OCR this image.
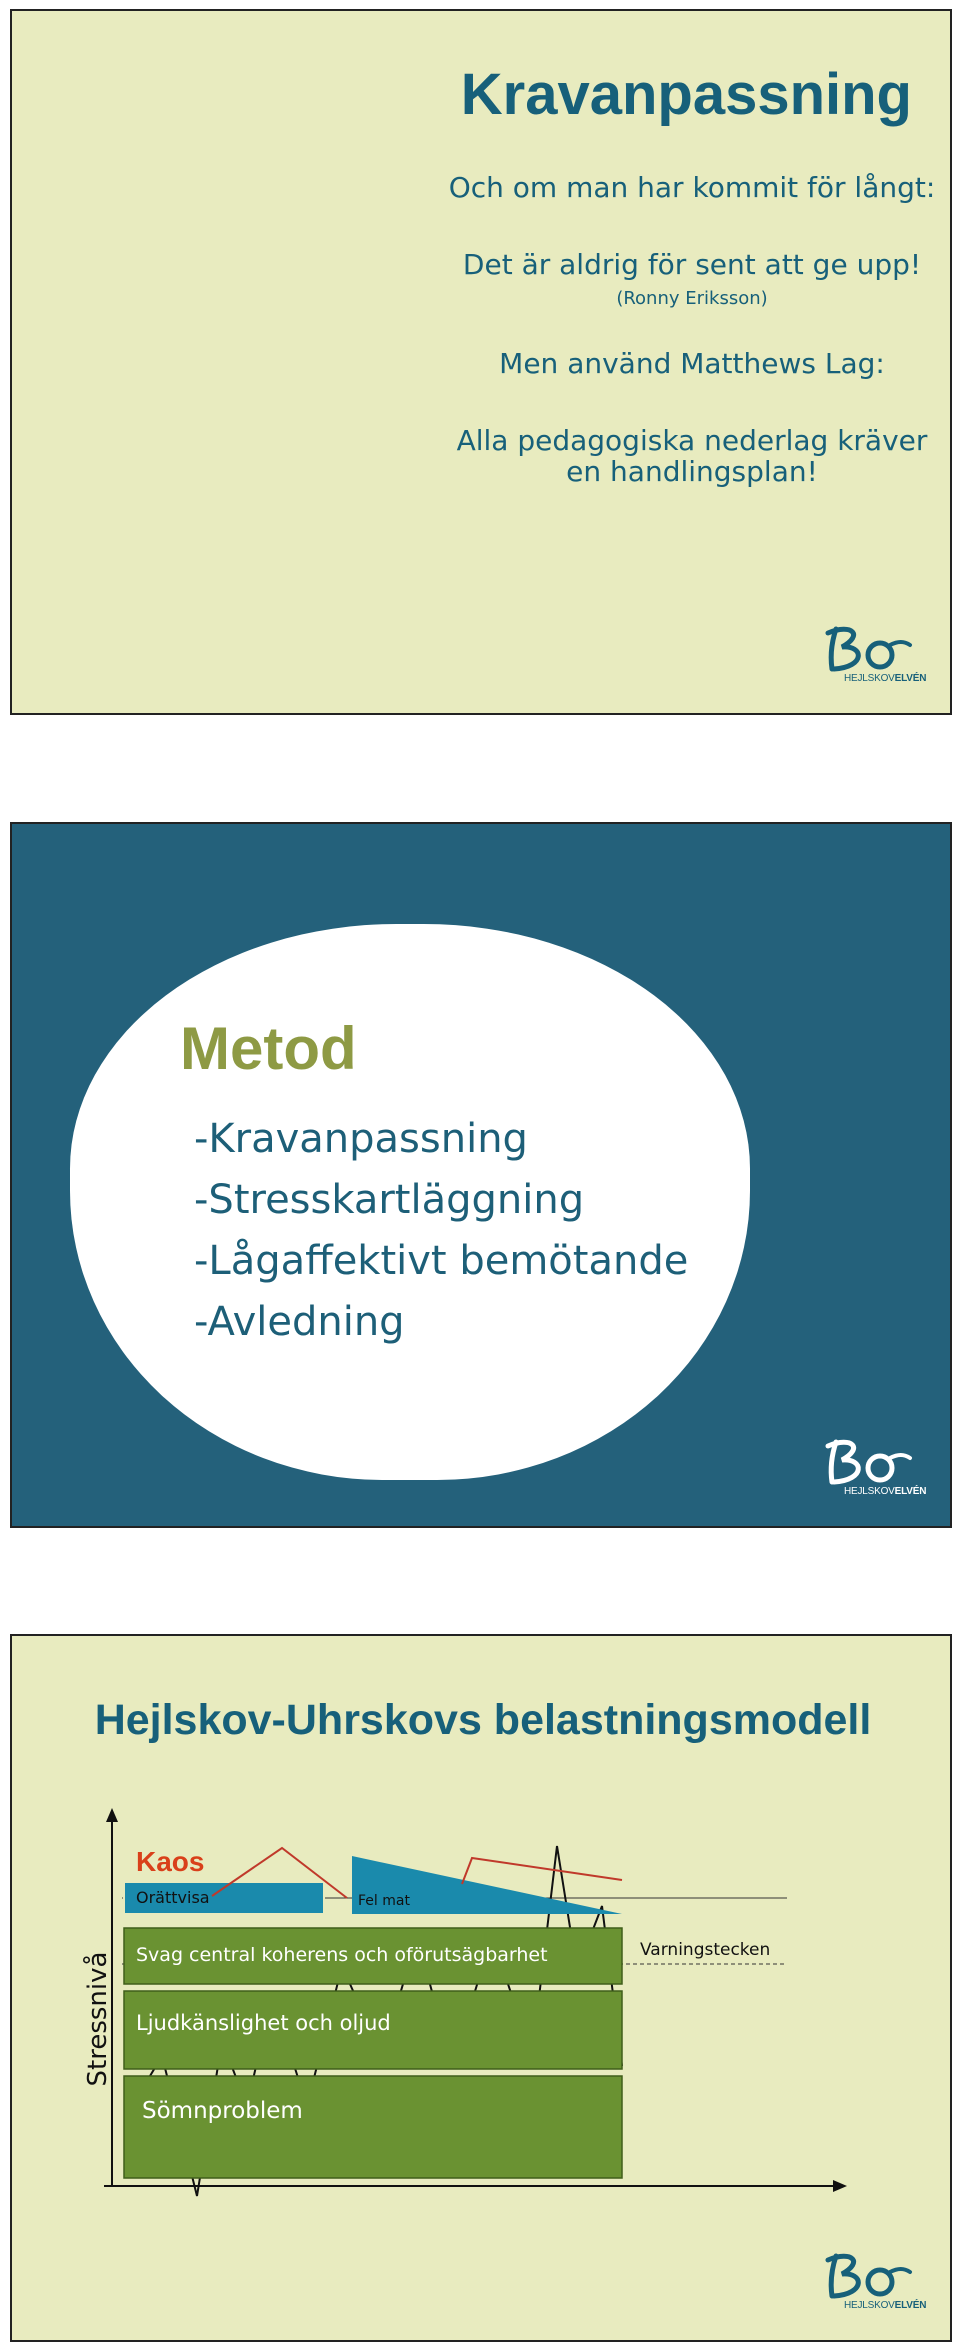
Kravanpassning
Och om man har kommit för långt:
Det är aldrig för sent att ge upp!
(Ronny Eriksson)
Men använd Matthews Lag:
Alla pedagogiska nederlag kräver
en handlingsplan!
HEJLSKOVELVÉN
Metod
-Kravanpassning
-Stresskartläggning
-Lågaffektivt bemötande
-Avledning
HEJLSKOVELVÉN
Hejlskov-Uhrskovs belastningsmodell
Kaos
Orättvisa	Fel mat
Svag central koherens och oförutsägbarhet
Ljudkänslighet och oljud
Sömnproblem
Varningstecken
Stressnivå
HEJLSKOVELVÉN
